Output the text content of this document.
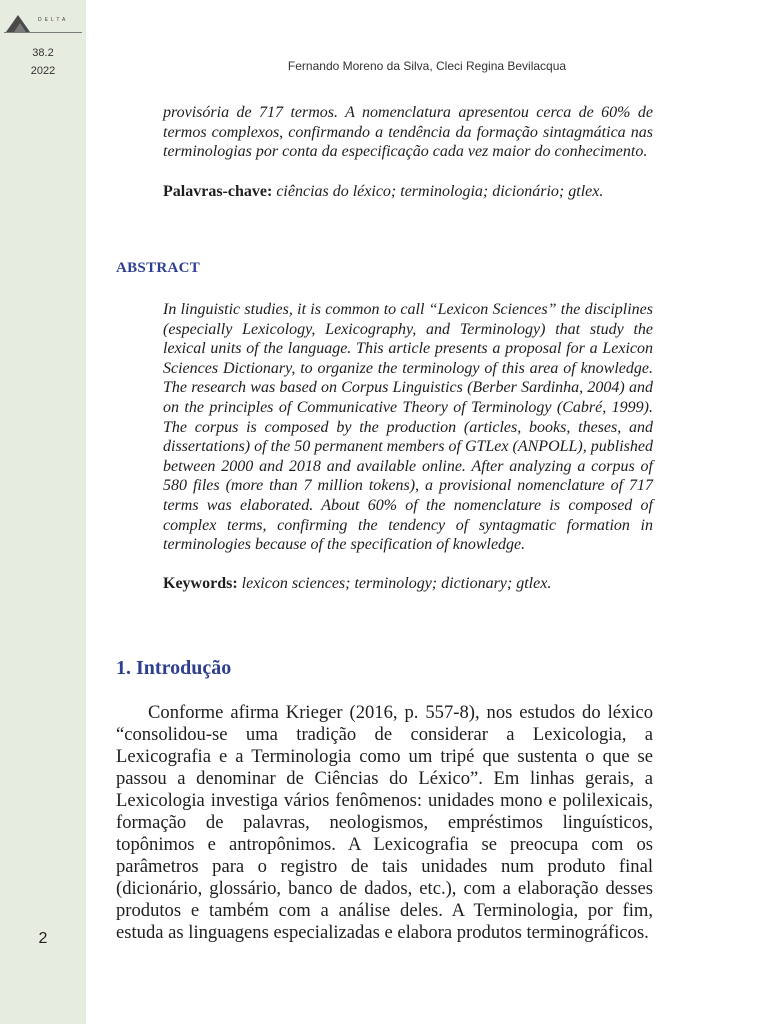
DELTA
38.2
2022
2
Fernando Moreno da Silva, Cleci Regina Bevilacqua
provisória de 717 termos. A nomenclatura apresentou cerca de 60% de termos complexos, confirmando a tendência da formação sintagmática nas terminologias por conta da especificação cada vez maior do conhecimento.
Palavras-chave: ciências do léxico; terminologia; dicionário; gtlex.
ABSTRACT
In linguistic studies, it is common to call “Lexicon Sciences” the disciplines (especially Lexicology, Lexicography, and Terminology) that study the lexical units of the language. This article presents a proposal for a Lexicon Sciences Dictionary, to organize the terminology of this area of knowledge. The research was based on Corpus Linguistics (Berber Sardinha, 2004) and on the principles of Communicative Theory of Terminology (Cabré, 1999). The corpus is composed by the production (articles, books, theses, and dissertations) of the 50 permanent members of GTLex (ANPOLL), published between 2000 and 2018 and available online. After analyzing a corpus of 580 files (more than 7 million tokens), a provisional nomenclature of 717 terms was elaborated. About 60% of the nomenclature is composed of complex terms, confirming the tendency of syntagmatic formation in terminologies because of the specification of knowledge.
Keywords: lexicon sciences; terminology; dictionary; gtlex.
1. Introdução
Conforme afirma Krieger (2016, p. 557-8), nos estudos do léxico “consolidou-se uma tradição de considerar a Lexicologia, a Lexicografia e a Terminologia como um tripé que sustenta o que se passou a denominar de Ciências do Léxico”. Em linhas gerais, a Lexicologia investiga vários fenômenos: unidades mono e polilexicais, formação de palavras, neologismos, empréstimos linguísticos, topônimos e antropônimos. A Lexicografia se preocupa com os parâmetros para o registro de tais unidades num produto final (dicionário, glossário, banco de dados, etc.), com a elaboração desses produtos e também com a análise deles. A Terminologia, por fim, estuda as linguagens especializadas e elabora produtos terminográficos.
